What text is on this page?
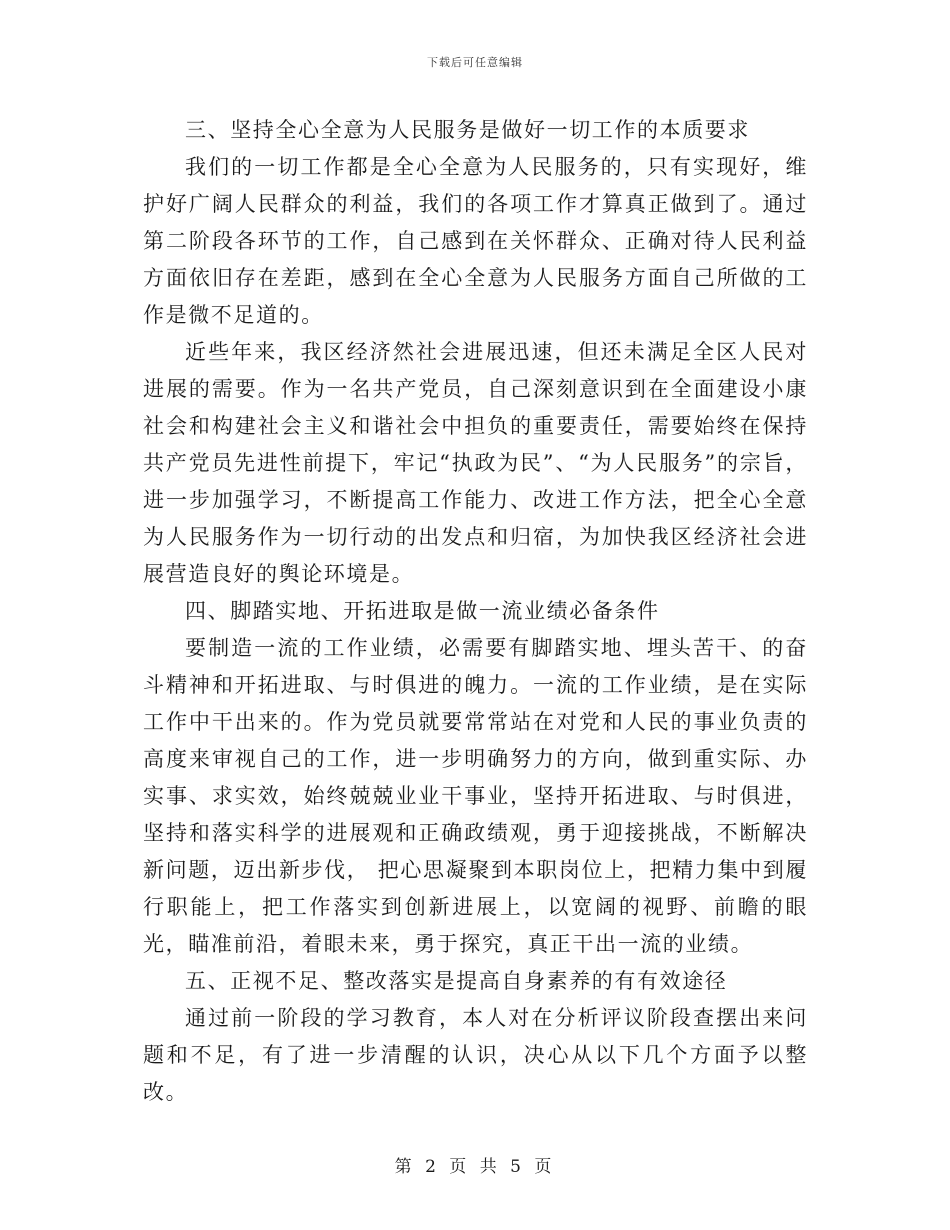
下载后可任意编辑

三、坚持全心全意为人民服务是做好一切工作的本质要求

我们的一切工作都是全心全意为人民服务的，只有实现好，维护好广阔人民群众的利益，我们的各项工作才算真正做到了。通过第二阶段各环节的工作，自己感到在关怀群众、正确对待人民利益方面依旧存在差距，感到在全心全意为人民服务方面自己所做的工作是微不足道的。

近些年来，我区经济然社会进展迅速，但还未满足全区人民对进展的需要。作为一名共产党员，自己深刻意识到在全面建设小康社会和构建社会主义和谐社会中担负的重要责任，需要始终在保持共产党员先进性前提下，牢记“执政为民”、“为人民服务”的宗旨，进一步加强学习，不断提高工作能力、改进工作方法，把全心全意为人民服务作为一切行动的出发点和归宿，为加快我区经济社会进展营造良好的舆论环境是。

四、脚踏实地、开拓进取是做一流业绩必备条件

要制造一流的工作业绩，必需要有脚踏实地、埋头苦干、的奋斗精神和开拓进取、与时俱进的魄力。一流的工作业绩，是在实际工作中干出来的。作为党员就要常常站在对党和人民的事业负责的高度来审视自己的工作，进一步明确努力的方向，做到重实际、办实事、求实效，始终兢兢业业干事业，坚持开拓进取、与时俱进，坚持和落实科学的进展观和正确政绩观，勇于迎接挑战，不断解决新问题，迈出新步伐， 把心思凝聚到本职岗位上，把精力集中到履行职能上，把工作落实到创新进展上，以宽阔的视野、前瞻的眼光，瞄准前沿，着眼未来，勇于探究，真正干出一流的业绩。

五、正视不足、整改落实是提高自身素养的有有效途径

通过前一阶段的学习教育，本人对在分析评议阶段查摆出来问题和不足，有了进一步清醒的认识，决心从以下几个方面予以整改。

第 2 页 共 5 页
